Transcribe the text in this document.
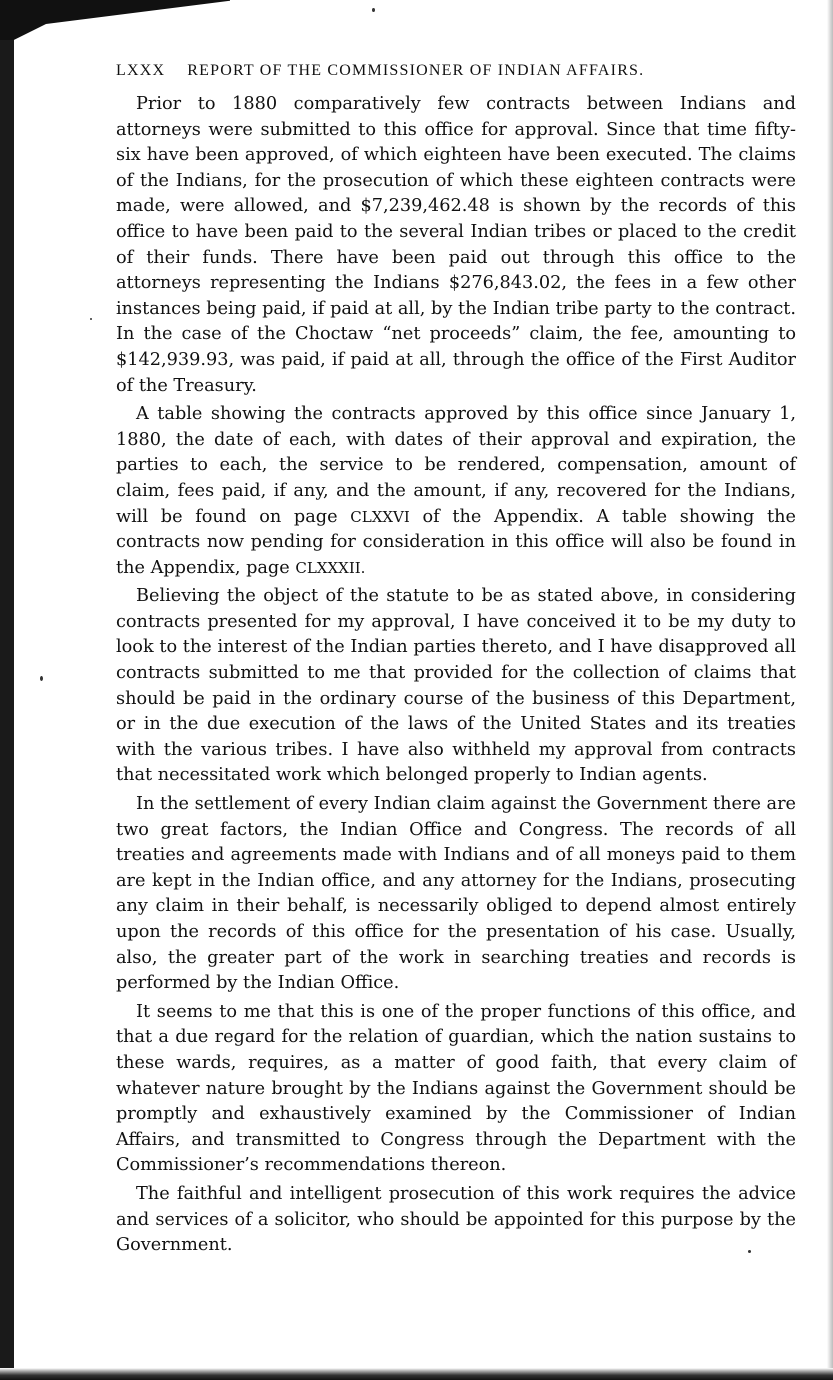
LXXX REPORT OF THE COMMISSIONER OF INDIAN AFFAIRS.

Prior to 1880 comparatively few contracts between Indians and attorneys were submitted to this office for approval. Since that time fifty-six have been approved, of which eighteen have been executed. The claims of the Indians, for the prosecution of which these eighteen contracts were made, were allowed, and $7,239,462.48 is shown by the records of this office to have been paid to the several Indian tribes or placed to the credit of their funds. There have been paid out through this office to the attorneys representing the Indians $276,843.02, the fees in a few other instances being paid, if paid at all, by the Indian tribe party to the contract. In the case of the Choctaw “net proceeds” claim, the fee, amounting to $142,939.93, was paid, if paid at all, through the office of the First Auditor of the Treasury.

A table showing the contracts approved by this office since January 1, 1880, the date of each, with dates of their approval and expiration, the parties to each, the service to be rendered, compensation, amount of claim, fees paid, if any, and the amount, if any, recovered for the Indians, will be found on page CLXXVI of the Appendix. A table showing the contracts now pending for consideration in this office will also be found in the Appendix, page CLXXXII.

Believing the object of the statute to be as stated above, in considering contracts presented for my approval, I have conceived it to be my duty to look to the interest of the Indian parties thereto, and I have disapproved all contracts submitted to me that provided for the collection of claims that should be paid in the ordinary course of the business of this Department, or in the due execution of the laws of the United States and its treaties with the various tribes. I have also withheld my approval from contracts that necessitated work which belonged properly to Indian agents.

In the settlement of every Indian claim against the Government there are two great factors, the Indian Office and Congress. The records of all treaties and agreements made with Indians and of all moneys paid to them are kept in the Indian office, and any attorney for the Indians, prosecuting any claim in their behalf, is necessarily obliged to depend almost entirely upon the records of this office for the presentation of his case. Usually, also, the greater part of the work in searching treaties and records is performed by the Indian Office.

It seems to me that this is one of the proper functions of this office, and that a due regard for the relation of guardian, which the nation sustains to these wards, requires, as a matter of good faith, that every claim of whatever nature brought by the Indians against the Government should be promptly and exhaustively examined by the Commissioner of Indian Affairs, and transmitted to Congress through the Department with the Commissioner’s recommendations thereon.

The faithful and intelligent prosecution of this work requires the advice and services of a solicitor, who should be appointed for this purpose by the Government.
